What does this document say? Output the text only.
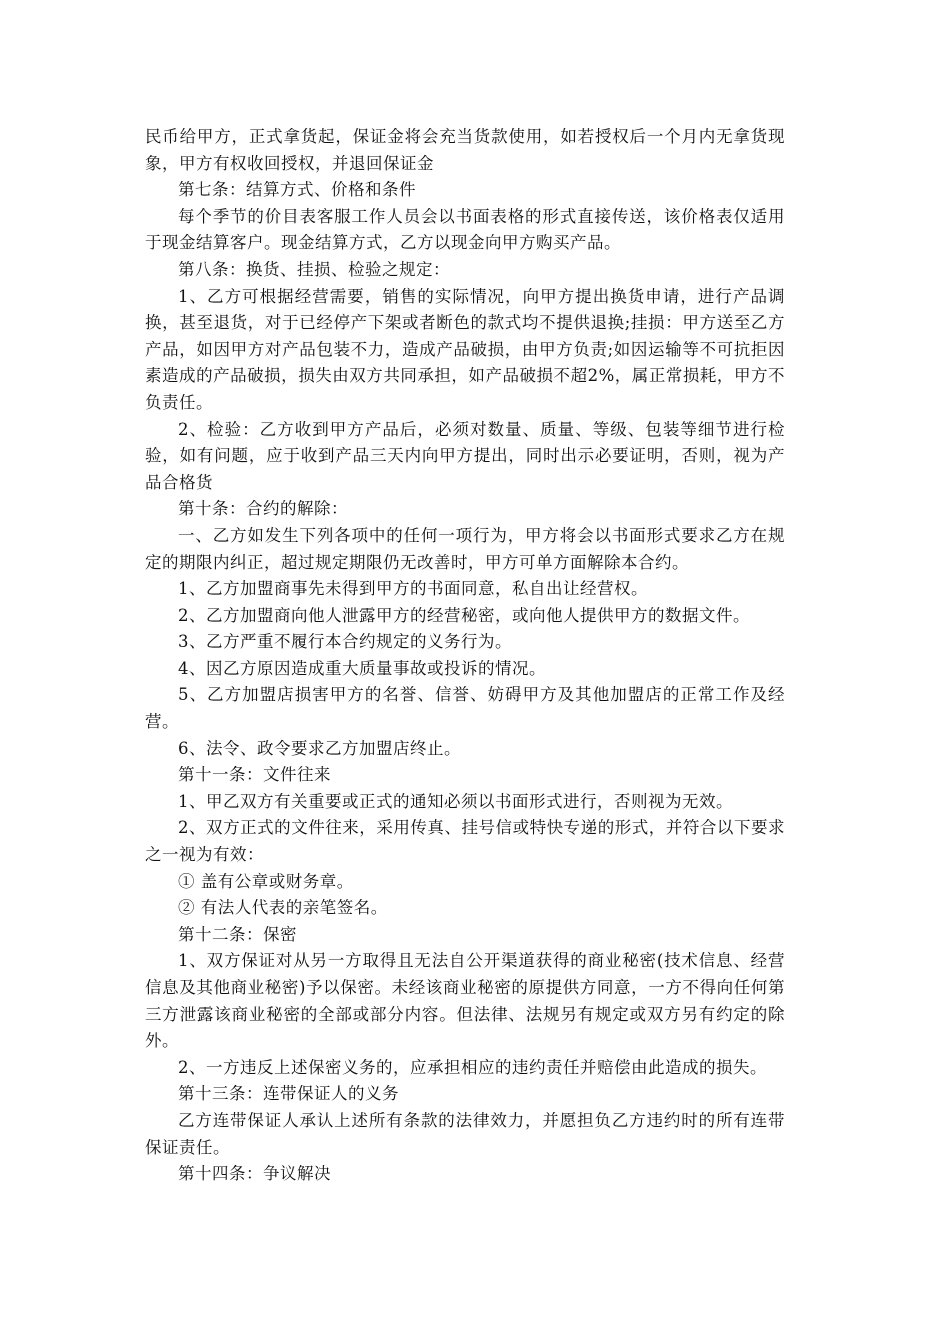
民币给甲方，正式拿货起，保证金将会充当货款使用，如若授权后一个月内无拿货现象，甲方有权收回授权，并退回保证金

第七条：结算方式、价格和条件

每个季节的价目表客服工作人员会以书面表格的形式直接传送，该价格表仅适用于现金结算客户。现金结算方式，乙方以现金向甲方购买产品。

第八条：换货、挂损、检验之规定：

1、乙方可根据经营需要，销售的实际情况，向甲方提出换货申请，进行产品调换，甚至退货，对于已经停产下架或者断色的款式均不提供退换;挂损：甲方送至乙方产品，如因甲方对产品包装不力，造成产品破损，由甲方负责;如因运输等不可抗拒因素造成的产品破损，损失由双方共同承担，如产品破损不超2%，属正常损耗，甲方不负责任。

2、检验：乙方收到甲方产品后，必须对数量、质量、等级、包装等细节进行检验，如有问题，应于收到产品三天内向甲方提出，同时出示必要证明，否则，视为产品合格货

第十条：合约的解除：

一、乙方如发生下列各项中的任何一项行为，甲方将会以书面形式要求乙方在规定的期限内纠正，超过规定期限仍无改善时，甲方可单方面解除本合约。

1、乙方加盟商事先未得到甲方的书面同意，私自出让经营权。

2、乙方加盟商向他人泄露甲方的经营秘密，或向他人提供甲方的数据文件。

3、乙方严重不履行本合约规定的义务行为。

4、因乙方原因造成重大质量事故或投诉的情况。

5、乙方加盟店损害甲方的名誉、信誉、妨碍甲方及其他加盟店的正常工作及经营。

6、法令、政令要求乙方加盟店终止。

第十一条：文件往来

1、甲乙双方有关重要或正式的通知必须以书面形式进行，否则视为无效。

2、双方正式的文件往来，采用传真、挂号信或特快专递的形式，并符合以下要求之一视为有效：

① 盖有公章或财务章。

② 有法人代表的亲笔签名。

第十二条：保密

1、双方保证对从另一方取得且无法自公开渠道获得的商业秘密(技术信息、经营信息及其他商业秘密)予以保密。未经该商业秘密的原提供方同意，一方不得向任何第三方泄露该商业秘密的全部或部分内容。但法律、法规另有规定或双方另有约定的除外。

2、一方违反上述保密义务的，应承担相应的违约责任并赔偿由此造成的损失。

第十三条：连带保证人的义务

乙方连带保证人承认上述所有条款的法律效力，并愿担负乙方违约时的所有连带保证责任。

第十四条：争议解决
